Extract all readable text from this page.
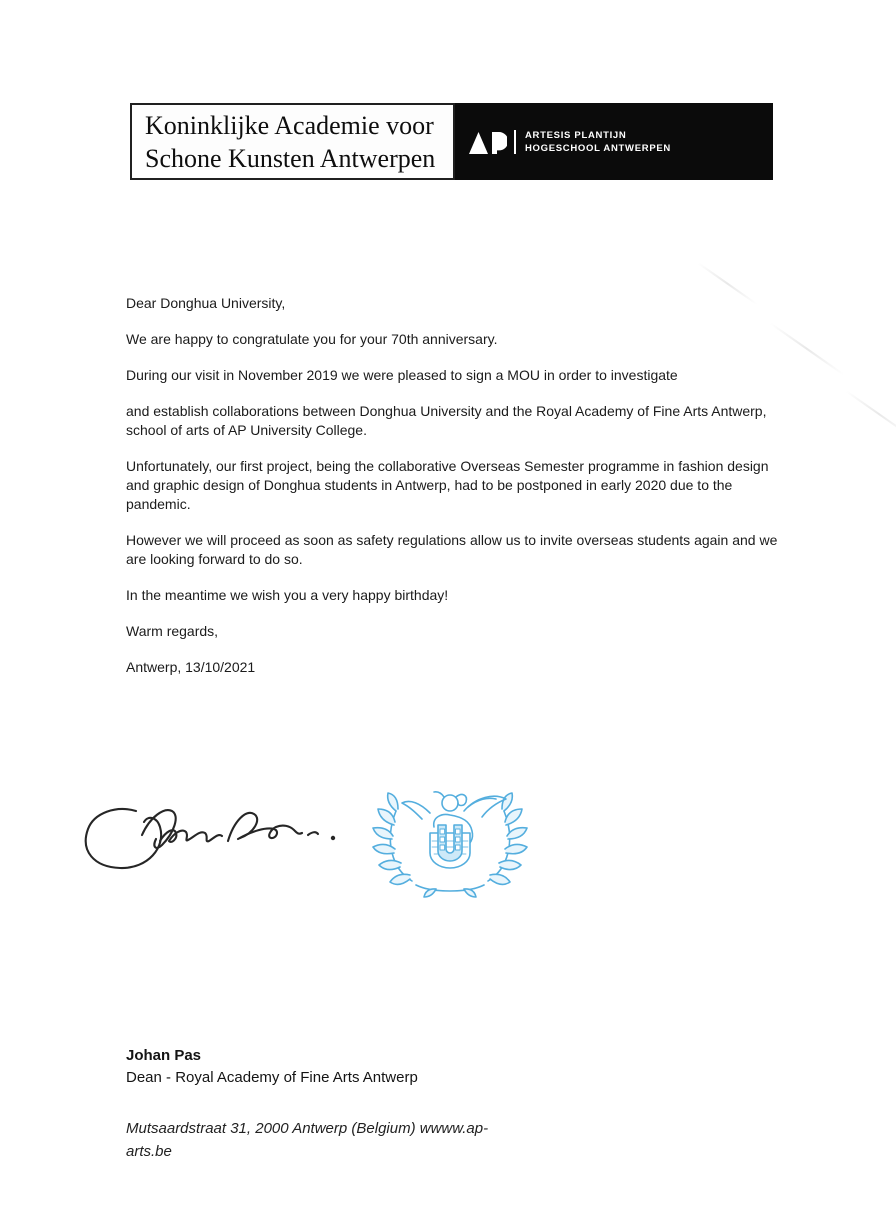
Koninklijke Academie voor
Schone Kunsten Antwerpen
ARTESIS PLANTIJN
HOGESCHOOL ANTWERPEN

Dear Donghua University,

We are happy to congratulate you for your 70th anniversary.

During our visit in November 2019 we were pleased to sign a MOU in order to investigate

and establish collaborations between Donghua University and the Royal Academy of Fine Arts Antwerp,
school of arts of AP University College.

Unfortunately, our first project, being the collaborative Overseas Semester programme in fashion design
and graphic design of Donghua students in Antwerp, had to be postponed in early 2020 due to the
pandemic.

However we will proceed as soon as safety regulations allow us to invite overseas students again and we
are looking forward to do so.

In the meantime we wish you a very happy birthday!

Warm regards,

Antwerp, 13/10/2021

Johan Pas
Dean - Royal Academy of Fine Arts Antwerp
Mutsaardstraat 31, 2000 Antwerp (Belgium) wwww.ap-
arts.be
